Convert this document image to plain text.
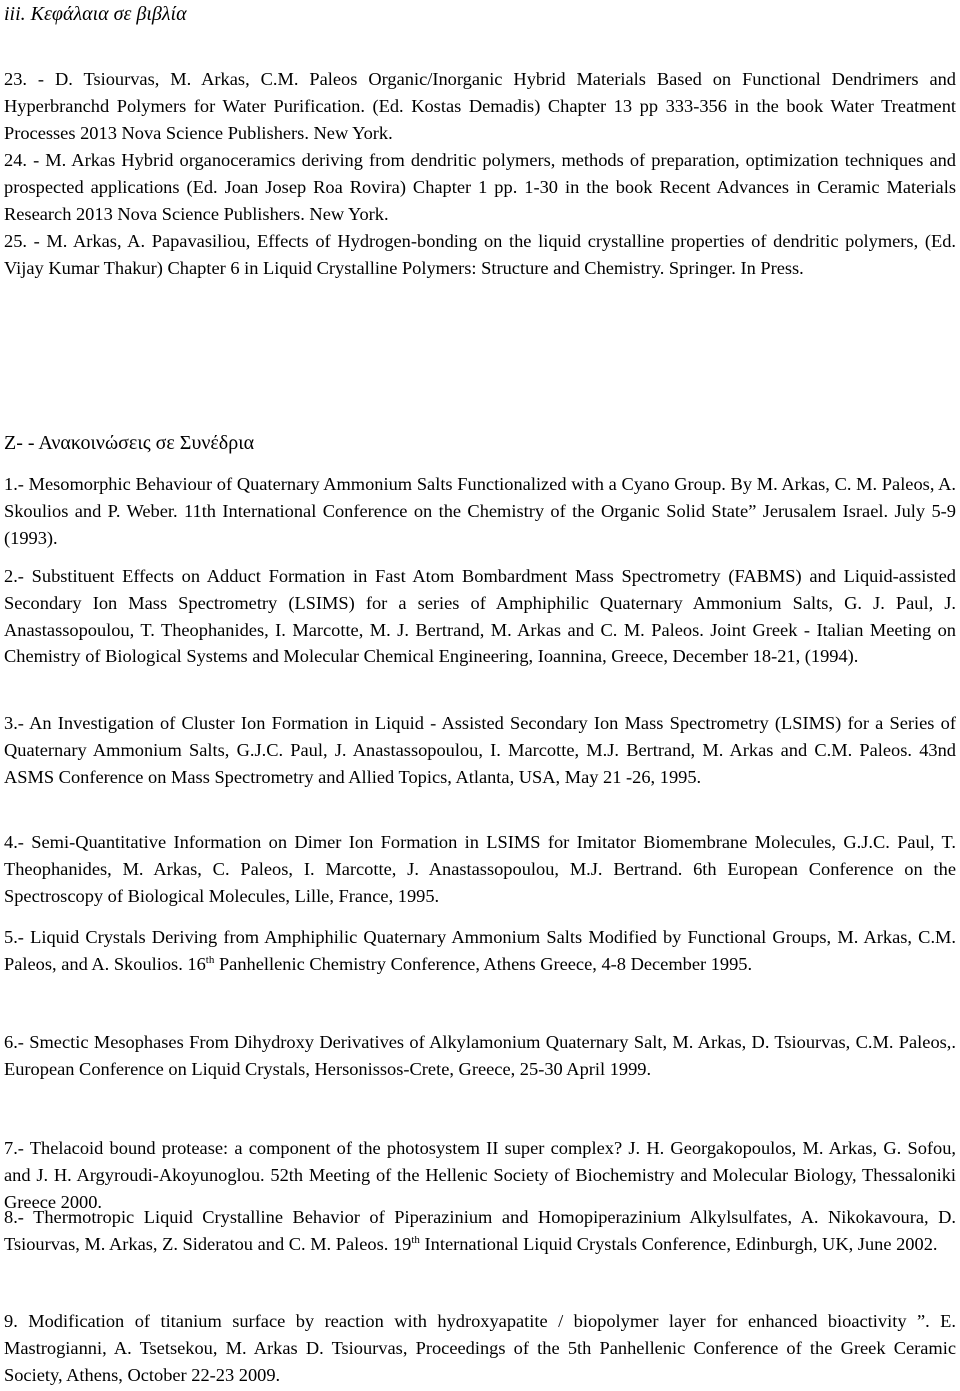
iii. Κεφάλαια σε βιβλία

23. - D. Tsiourvas, M. Arkas, C.M. Paleos Organic/Inorganic Hybrid Materials Based on Functional Dendrimers and Hyperbranchd Polymers for Water Purification. (Ed. Kostas Demadis) Chapter 13 pp 333-356 in the book Water Treatment Processes 2013 Nova Science Publishers. New York.

24. - M. Arkas Hybrid organoceramics deriving from dendritic polymers, methods of preparation, optimization techniques and prospected applications (Ed. Joan Josep Roa Rovira) Chapter 1 pp. 1-30 in the book Recent Advances in Ceramic Materials Research 2013 Nova Science Publishers. New York.

25. - M. Arkas, A. Papavasiliou, Effects of Hydrogen-bonding on the liquid crystalline properties of dendritic polymers, (Ed. Vijay Kumar Thakur) Chapter 6 in Liquid Crystalline Polymers: Structure and Chemistry. Springer. In Press.

Ζ- - Ανακοινώσεις σε Συνέδρια

1.- Mesomorphic Behaviour of Quaternary Ammonium Salts Functionalized with a Cyano Group. By M. Arkas, C. M. Paleos, A. Skoulios and P. Weber. 11th International Conference on the Chemistry of the Organic Solid State” Jerusalem Israel. July 5-9 (1993).

2.- Substituent Effects on Adduct Formation in Fast Atom Bombardment Mass Spectrometry (FABMS) and Liquid-assisted Secondary Ion Mass Spectrometry (LSIMS) for a series of Amphiphilic Quaternary Ammonium Salts, G. J. Paul, J. Anastassopoulou, T. Theophanides, I. Marcotte, M. J. Bertrand, M. Arkas and C. M. Paleos. Joint Greek - Italian Meeting on Chemistry of Biological Systems and Molecular Chemical Engineering, Ioannina, Greece, December 18-21, (1994).

3.- An Investigation of Cluster Ion Formation in Liquid - Assisted Secondary Ion Mass Spectrometry (LSIMS) for a Series of Quaternary Ammonium Salts, G.J.C. Paul, J. Anastassopoulou, I. Marcotte, M.J. Bertrand, M. Arkas and C.M. Paleos. 43nd ASMS Conference on Mass Spectrometry and Allied Topics, Atlanta, USA, May 21 -26, 1995.

4.- Semi-Quantitative Information on Dimer Ion Formation in LSIMS for Imitator Biomembrane Molecules, G.J.C. Paul, T. Theophanides, M. Arkas, C. Paleos, I. Marcotte, J. Anastassopoulou, M.J. Bertrand. 6th European Conference on the Spectroscopy of Biological Molecules, Lille, France, 1995.

5.- Liquid Crystals Deriving from Amphiphilic Quaternary Ammonium Salts Modified by Functional Groups, M. Arkas, C.M. Paleos, and A. Skoulios. 16th Panhellenic Chemistry Conference, Athens Greece, 4-8 December 1995.

6.- Smectic Mesophases From Dihydroxy Derivatives of Alkylamonium Quaternary Salt, M. Arkas, D. Tsiourvas, C.M. Paleos,. European Conference on Liquid Crystals, Hersonissos-Crete, Greece, 25-30 April 1999.

7.- Thelacoid bound protease: a component of the photosystem II super complex? J. H. Georgakopoulos, M. Arkas, G. Sofou, and J. H. Argyroudi-Akoyunoglou. 52th Meeting of the Hellenic Society of Biochemistry and Molecular Biology, Thessaloniki Greece 2000.

8.- Thermotropic Liquid Crystalline Behavior of Piperazinium and Homopiperazinium Alkylsulfates, A. Nikokavoura, D. Tsiourvas, M. Arkas, Z. Sideratou and C. M. Paleos. 19th International Liquid Crystals Conference, Edinburgh, UK, June 2002.

9. Modification of titanium surface by reaction with hydroxyapatite / biopolymer layer for enhanced bioactivity ”. E. Mastrogianni, A. Tsetsekou, M. Arkas D. Tsiourvas, Proceedings of the 5th Panhellenic Conference of the Greek Ceramic Society, Athens, October 22-23 2009.
